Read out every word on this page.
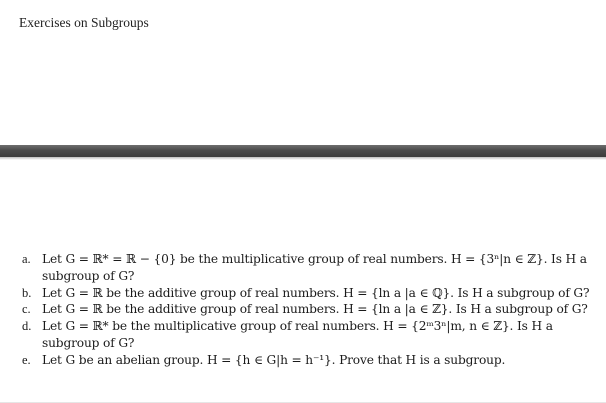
Exercises on Subgroups
a. Let G = ℝ* = ℝ − {0} be the multiplicative group of real numbers. H = {3ⁿ|n ∈ ℤ}. Is H a subgroup of G?
b. Let G = ℝ be the additive group of real numbers. H = {ln a |a ∈ ℚ}. Is H a subgroup of G?
c. Let G = ℝ be the additive group of real numbers. H = {ln a |a ∈ ℤ}. Is H a subgroup of G?
d. Let G = ℝ* be the multiplicative group of real numbers. H = {2ᵐ3ⁿ|m, n ∈ ℤ}. Is H a subgroup of G?
e. Let G be an abelian group. H = {h ∈ G|h = h⁻¹}. Prove that H is a subgroup.
